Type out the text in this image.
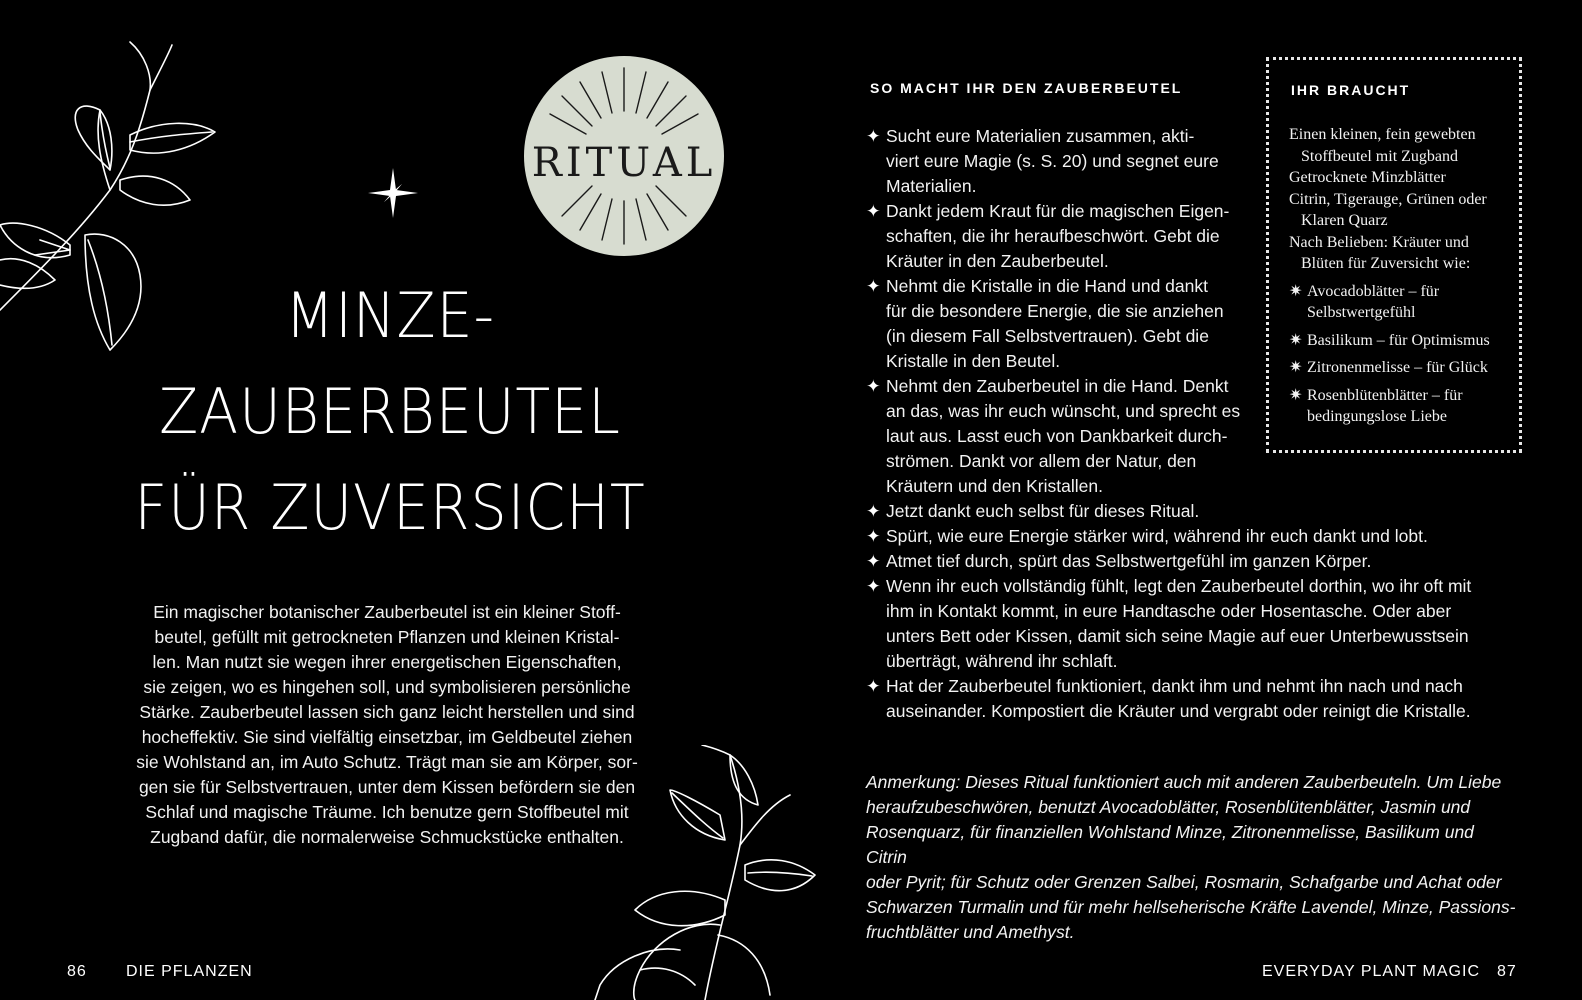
RITUAL
MINZE-
ZAUBERBEUTEL
FÜR ZUVERSICHT
Ein magischer botanischer Zauberbeutel ist ein kleiner Stoff-
beutel, gefüllt mit getrockneten Pflanzen und kleinen Kristal-
len. Man nutzt sie wegen ihrer energetischen Eigenschaften,
sie zeigen, wo es hingehen soll, und symbolisieren persönliche
Stärke. Zauberbeutel lassen sich ganz leicht herstellen und sind
hocheffektiv. Sie sind vielfältig einsetzbar, im Geldbeutel ziehen
sie Wohlstand an, im Auto Schutz. Trägt man sie am Körper, sor-
gen sie für Selbstvertrauen, unter dem Kissen befördern sie den
Schlaf und magische Träume. Ich benutze gern Stoffbeutel mit
Zugband dafür, die normalerweise Schmuckstücke enthalten.
86 DIE PFLANZEN
SO MACHT IHR DEN ZAUBERBEUTEL
✦ Sucht eure Materialien zusammen, akti-
viert eure Magie (s. S. 20) und segnet eure
Materialien.
✦ Dankt jedem Kraut für die magischen Eigen-
schaften, die ihr heraufbeschwört. Gebt die
Kräuter in den Zauberbeutel.
✦ Nehmt die Kristalle in die Hand und dankt
für die besondere Energie, die sie anziehen
(in diesem Fall Selbstvertrauen). Gebt die
Kristalle in den Beutel.
✦ Nehmt den Zauberbeutel in die Hand. Denkt
an das, was ihr euch wünscht, und sprecht es
laut aus. Lasst euch von Dankbarkeit durch-
strömen. Dankt vor allem der Natur, den
Kräutern und den Kristallen.
✦ Jetzt dankt euch selbst für dieses Ritual.
✦ Spürt, wie eure Energie stärker wird, während ihr euch dankt und lobt.
✦ Atmet tief durch, spürt das Selbstwertgefühl im ganzen Körper.
✦ Wenn ihr euch vollständig fühlt, legt den Zauberbeutel dorthin, wo ihr oft mit
ihm in Kontakt kommt, in eure Handtasche oder Hosentasche. Oder aber
unters Bett oder Kissen, damit sich seine Magie auf euer Unterbewusstsein
überträgt, während ihr schlaft.
✦ Hat der Zauberbeutel funktioniert, dankt ihm und nehmt ihn nach und nach
auseinander. Kompostiert die Kräuter und vergrabt oder reinigt die Kristalle.
IHR BRAUCHT

Einen kleinen, fein gewebten Stoffbeutel mit Zugband

Getrocknete Minzblätter

Citrin, Tigerauge, Grünen oder Klaren Quarz

Nach Belieben: Kräuter und Blüten für Zuversicht wie:

✷ Avocadoblätter – für Selbstwertgefühl
✷ Basilikum – für Optimismus
✷ Zitronenmelisse – für Glück
✷ Rosenblütenblätter – für bedingungslose Liebe
Anmerkung: Dieses Ritual funktioniert auch mit anderen Zauberbeuteln. Um Liebe
heraufzubeschwören, benutzt Avocadoblätter, Rosenblütenblätter, Jasmin und
Rosenquarz, für finanziellen Wohlstand Minze, Zitronenmelisse, Basilikum und Citrin
oder Pyrit; für Schutz oder Grenzen Salbei, Rosmarin, Schafgarbe und Achat oder
Schwarzen Turmalin und für mehr hellseherische Kräfte Lavendel, Minze, Passions-
fruchtblätter und Amethyst.
EVERYDAY PLANT MAGIC 87
